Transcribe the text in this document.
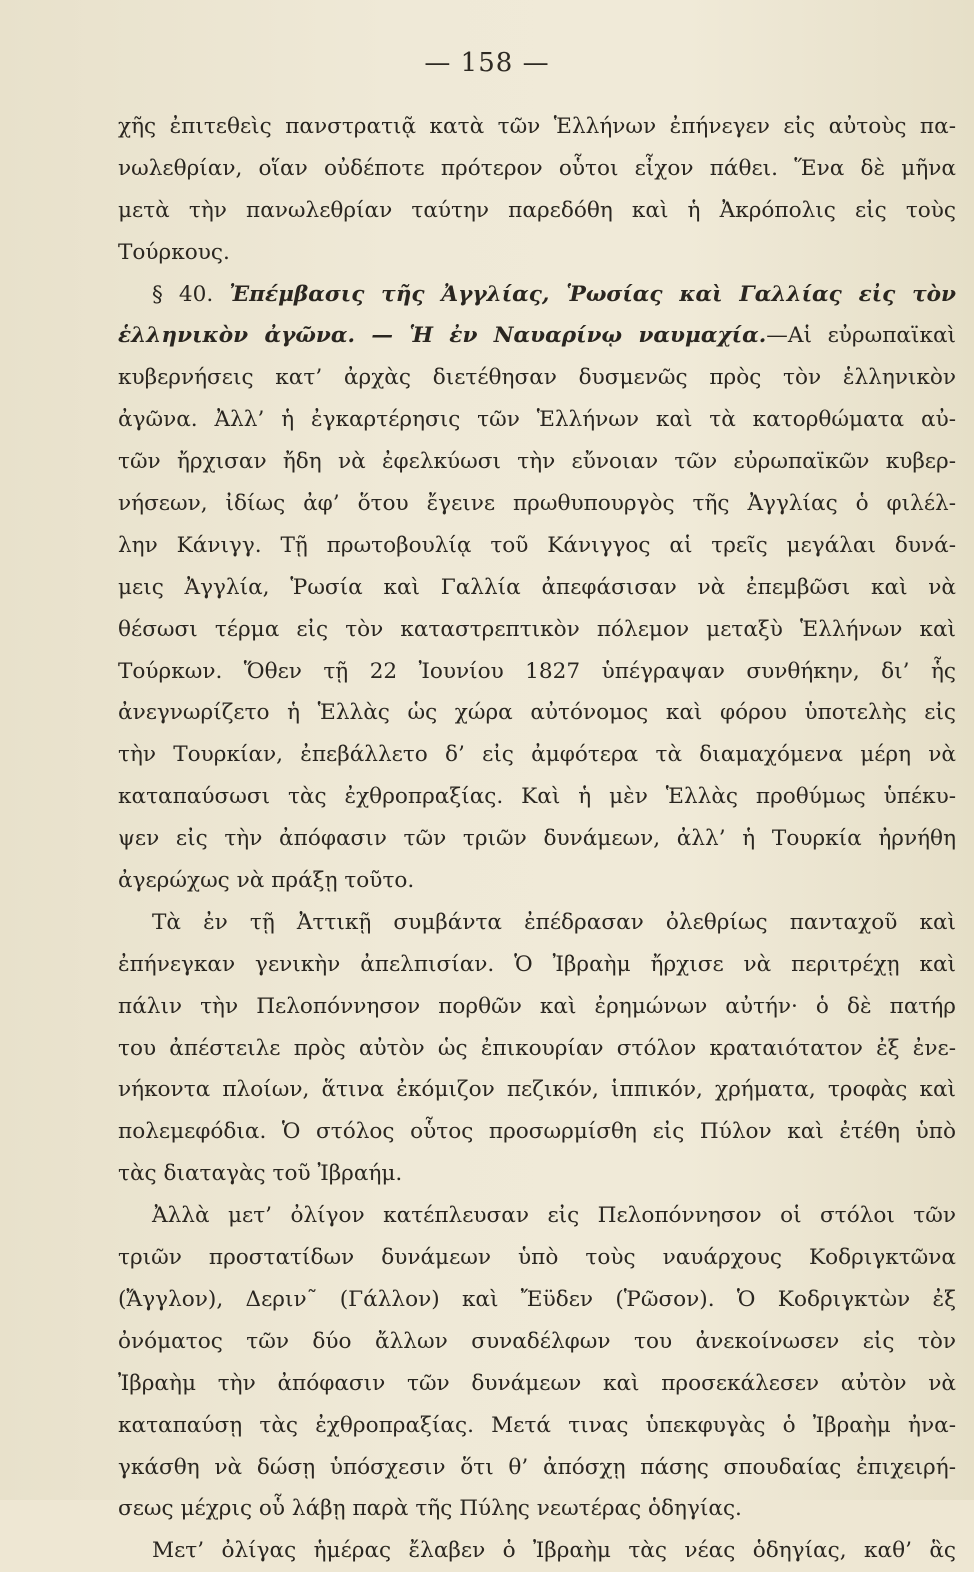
— 158 —
χῆς ἐπιτεθεὶς πανστρατιᾷ κατὰ τῶν Ἑλλήνων ἐπήνεγεν εἰς αὐτοὺς πα-
νωλεθρίαν, οἵαν οὐδέποτε πρότερον οὗτοι εἶχον πάθει. Ἕνα δὲ μῆνα
μετὰ τὴν πανωλεθρίαν ταύτην παρεδόθη καὶ ἡ Ἀκρόπολις εἰς τοὺς
Τούρκους.
§ 40. Ἐπέμβασις τῆς Ἀγγλίας, Ῥωσίας καὶ Γαλλίας εἰς τὸν
ἑλληνικὸν ἀγῶνα. — Ἡ ἐν Ναυαρίνῳ ναυμαχία.—Αἱ εὐρωπαϊκαὶ
κυβερνήσεις κατ’ ἀρχὰς διετέθησαν δυσμενῶς πρὸς τὸν ἑλληνικὸν
ἀγῶνα. Ἀλλ’ ἡ ἐγκαρτέρησις τῶν Ἑλλήνων καὶ τὰ κατορθώματα αὐ-
τῶν ἤρχισαν ἤδη νὰ ἐφελκύωσι τὴν εὔνοιαν τῶν εὐρωπαϊκῶν κυβερ-
νήσεων, ἰδίως ἀφ’ ὅτου ἔγεινε πρωθυπουργὸς τῆς Ἀγγλίας ὁ φιλέλ-
λην Κάνιγγ. Τῇ πρωτοβουλίᾳ τοῦ Κάνιγγος αἱ τρεῖς μεγάλαι δυνά-
μεις Ἀγγλία, Ῥωσία καὶ Γαλλία ἀπεφάσισαν νὰ ἐπεμβῶσι καὶ νὰ
θέσωσι τέρμα εἰς τὸν καταστρεπτικὸν πόλεμον μεταξὺ Ἑλλήνων καὶ
Τούρκων. Ὅθεν τῇ 22 Ἰουνίου 1827 ὑπέγραψαν συνθήκην, δι’ ἧς
ἀνεγνωρίζετο ἡ Ἑλλὰς ὡς χώρα αὐτόνομος καὶ φόρου ὑποτελὴς εἰς
τὴν Τουρκίαν, ἐπεβάλλετο δ’ εἰς ἀμφότερα τὰ διαμαχόμενα μέρη νὰ
καταπαύσωσι τὰς ἐχθροπραξίας. Καὶ ἡ μὲν Ἑλλὰς προθύμως ὑπέκυ-
ψεν εἰς τὴν ἀπόφασιν τῶν τριῶν δυνάμεων, ἀλλ’ ἡ Τουρκία ἠρνήθη
ἀγερώχως νὰ πράξῃ τοῦτο.
Τὰ ἐν τῇ Ἀττικῇ συμβάντα ἐπέδρασαν ὀλεθρίως πανταχοῦ καὶ
ἐπήνεγκαν γενικὴν ἀπελπισίαν. Ὁ Ἰβραὴμ ἤρχισε νὰ περιτρέχῃ καὶ
πάλιν τὴν Πελοπόννησον πορθῶν καὶ ἐρημώνων αὐτήν· ὁ δὲ πατήρ
του ἀπέστειλε πρὸς αὐτὸν ὡς ἐπικουρίαν στόλον κραταιότατον ἐξ ἐνε-
νήκοντα πλοίων, ἅτινα ἐκόμιζον πεζικόν, ἱππικόν, χρήματα, τροφὰς καὶ
πολεμεφόδια. Ὁ στόλος οὗτος προσωρμίσθη εἰς Πύλον καὶ ἐτέθη ὑπὸ
τὰς διαταγὰς τοῦ Ἰβραήμ.
Ἀλλὰ μετ’ ὀλίγον κατέπλευσαν εἰς Πελοπόννησον οἱ στόλοι τῶν
τριῶν προστατίδων δυνάμεων ὑπὸ τοὺς ναυάρχους Κοδριγκτῶνα
(Ἄγγλον), Δεριν῀ (Γάλλον) καὶ Ἔϋδεν (Ῥῶσον). Ὁ Κοδριγκτὼν ἐξ
ὀνόματος τῶν δύο ἄλλων συναδέλφων του ἀνεκοίνωσεν εἰς τὸν
Ἰβραὴμ τὴν ἀπόφασιν τῶν δυνάμεων καὶ προσεκάλεσεν αὐτὸν νὰ
καταπαύσῃ τὰς ἐχθροπραξίας. Μετά τινας ὑπεκφυγὰς ὁ Ἰβραὴμ ἠνα-
γκάσθη νὰ δώσῃ ὑπόσχεσιν ὅτι θ’ ἀπόσχῃ πάσης σπουδαίας ἐπιχειρή-
σεως μέχρις οὗ λάβῃ παρὰ τῆς Πύλης νεωτέρας ὁδηγίας.
Μετ’ ὀλίγας ἡμέρας ἔλαβεν ὁ Ἰβραὴμ τὰς νέας ὁδηγίας, καθ’ ἃς
